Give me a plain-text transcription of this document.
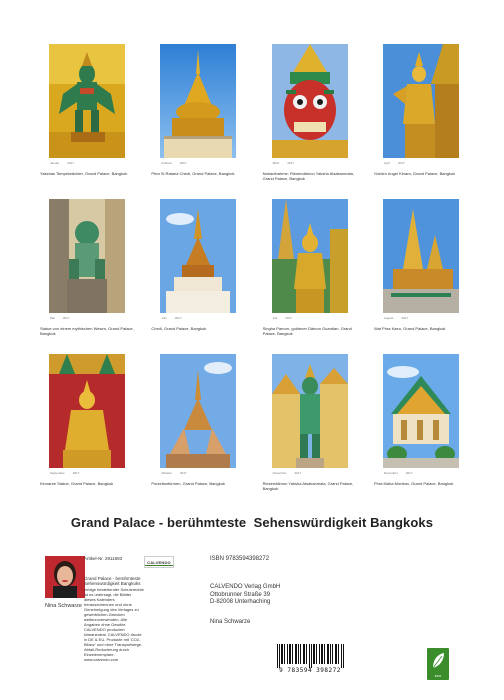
Januar	2017
Yakshas Tempelwächter, Grand Palace, Bangkok
Februar	2017
Phra Si Ratana Chedi, Grand Palace, Bangkok
März	2017
Nahaufnahme: Riesendämon Yaksha Atsakanmala, Grand Palace, Bangkok
April	2017
Golden Angel Kinara, Grand Palace, Bangkok
Mai	2017
Statue von einem mythischen Wesen, Grand Palace, Bangkok
Juni	2017
Chedi, Grand Palace, Bangkok
Juli	2017
Singha Panom- goldener Dämon Guardian, Grand Palace, Bangkok
August	2017
Wat Phra Kaeo, Grand Palace, Bangkok
September	2017
Kinnaree Statue, Grand Palace, Bangkok
Oktober	2017
Porzellantürmen, Grand Palace, Bangkok
November	2017
Riesendämon Yaksha Atsakanmala, Grand Palace, Bangkok
Dezember	2017
Phra Maha Montian, Grand Palace, Bangkok
Grand Palace - berühmteste  Sehenswürdigkeit Bangkoks
Nina Schwarze
Artikel-Nr. 2911893
CALVENDO
Grand Palace - berühmteste Sehenswürdigkeit Bangkoks
Infolge bestehender Schutzrechte ist es untersagt, die Blätter dieses Kalenders herauszutrennen und ohne Genehmigung des Verlages zu gewerblichen Zwecken weiterzuverwenden. Alle Angaben ohne Gewähr. CALVENDO produziert klimaneutral. CALVENDO druckt in DE & EU. Produkte mit 'CO2-Bilanz' und ohne Transportwege. Abfall-Reduzierung durch Einzelexemplare. www.calvendo.com
ISBN 9783594398272
CALVENDO Verlag GmbH
Ottobrunner Straße 39
D-82008 Unterhaching
Nina Schwarze
9 783594 398272
eco
